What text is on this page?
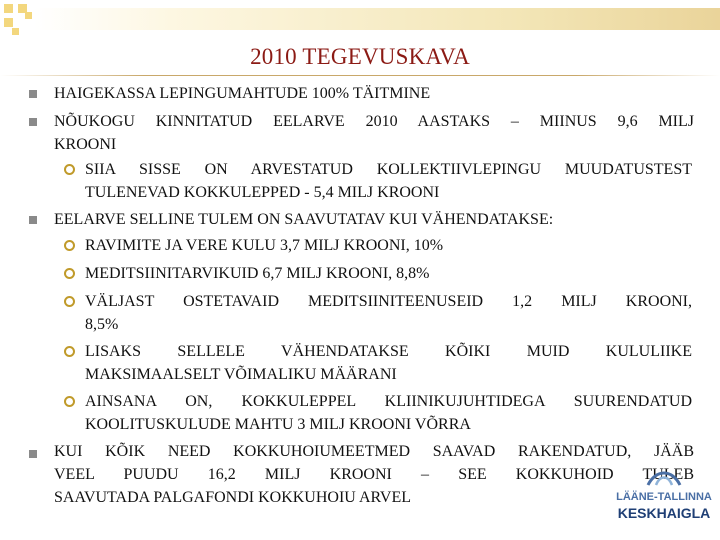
2010 TEGEVUSKAVA
HAIGEKASSA LEPINGUMAHTUDE 100% TÄITMINE
NÕUKOGU KINNITATUD EELARVE 2010 AASTAKS – MIINUS 9,6 MILJ
KROONI
SIIA SISSE ON ARVESTATUD KOLLEKTIIVLEPINGU MUUDATUSTEST
TULENEVAD KOKKULEPPED - 5,4 MILJ KROONI
EELARVE SELLINE TULEM ON SAAVUTATAV KUI VÄHENDATAKSE:
RAVIMITE JA VERE KULU 3,7 MILJ KROONI, 10%
MEDITSIINITARVIKUID 6,7 MILJ KROONI, 8,8%
VÄLJAST OSTETAVAID MEDITSIINITEENUSEID 1,2 MILJ KROONI,
8,5%
LISAKS SELLELE VÄHENDATAKSE KÕIKI MUID KULULIIKE
MAKSIMAALSELT VÕIMALIKU MÄÄRANI
AINSANA ON, KOKKULEPPEL KLIINIKUJUHTIDEGA SUURENDATUD
KOOLITUSKULUDE MAHTU 3 MILJ KROONI VÕRRA
KUI KÕIK NEED KOKKUHOIUMEETMED SAAVAD RAKENDATUD, JÄÄB
VEEL PUUDU 16,2 MILJ KROONI – SEE KOKKUHOID TULEB
SAAVUTADA PALGAFONDI KOKKUHOIU ARVEL	LÄÄNE-TALLINNA
KESKHAIGLA
